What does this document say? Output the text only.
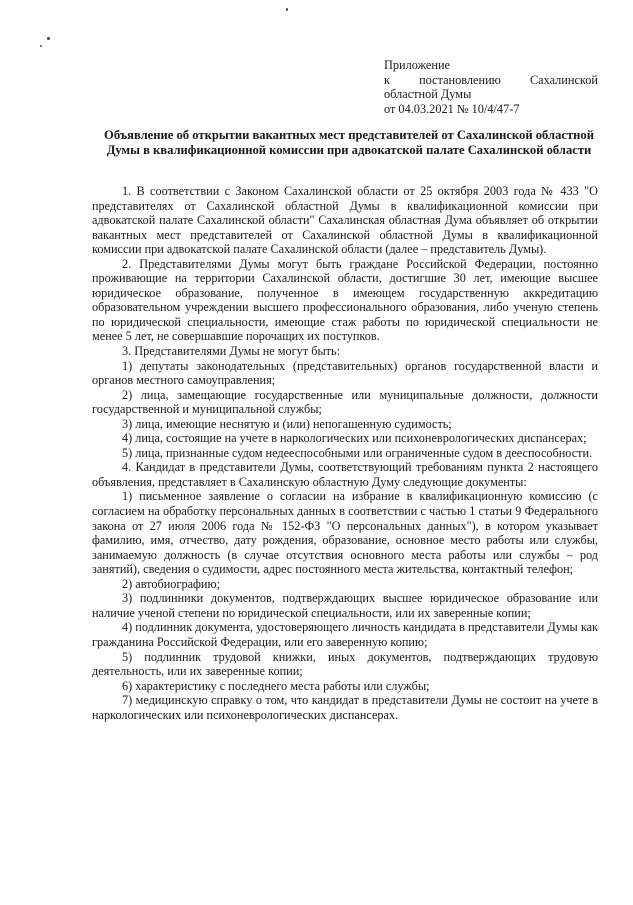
Приложение
к постановлению Сахалинской
областной Думы
от 04.03.2021 № 10/4/47-7
Объявление об открытии вакантных мест представителей от Сахалинской областной Думы в квалификационной комиссии при адвокатской палате Сахалинской области

1. В соответствии с Законом Сахалинской области от 25 октября 2003 года № 433 "О представителях от Сахалинской областной Думы в квалификационной комиссии при адвокатской палате Сахалинской области" Сахалинская областная Дума объявляет об открытии вакантных мест представителей от Сахалинской областной Думы в квалификационной комиссии при адвокатской палате Сахалинской области (далее – представитель Думы).

2. Представителями Думы могут быть граждане Российской Федерации, постоянно проживающие на территории Сахалинской области, достигшие 30 лет, имеющие высшее юридическое образование, полученное в имеющем государственную аккредитацию образовательном учреждении высшего профессионального образования, либо ученую степень по юридической специальности, имеющие стаж работы по юридической специальности не менее 5 лет, не совершавшие порочащих их поступков.

3. Представителями Думы не могут быть:

1) депутаты законодательных (представительных) органов государственной власти и органов местного самоуправления;

2) лица, замещающие государственные или муниципальные должности, должности государственной и муниципальной службы;

3) лица, имеющие неснятую и (или) непогашенную судимость;

4) лица, состоящие на учете в наркологических или психоневрологических диспансерах;

5) лица, признанные судом недееспособными или ограниченные судом в дееспособности.

4. Кандидат в представители Думы, соответствующий требованиям пункта 2 настоящего объявления, представляет в Сахалинскую областную Думу следующие документы:

1) письменное заявление о согласии на избрание в квалификационную комиссию (с согласием на обработку персональных данных в соответствии с частью 1 статьи 9 Федерального закона от 27 июля 2006 года № 152-ФЗ "О персональных данных"), в котором указывает фамилию, имя, отчество, дату рождения, образование, основное место работы или службы, занимаемую должность (в случае отсутствия основного места работы или службы – род занятий), сведения о судимости, адрес постоянного места жительства, контактный телефон;

2) автобиографию;

3) подлинники документов, подтверждающих высшее юридическое образование или наличие ученой степени по юридической специальности, или их заверенные копии;

4) подлинник документа, удостоверяющего личность кандидата в представители Думы как гражданина Российской Федерации, или его заверенную копию;

5) подлинник трудовой книжки, иных документов, подтверждающих трудовую деятельность, или их заверенные копии;

6) характеристику с последнего места работы или службы;

7) медицинскую справку о том, что кандидат в представители Думы не состоит на учете в наркологических или психоневрологических диспансерах.
